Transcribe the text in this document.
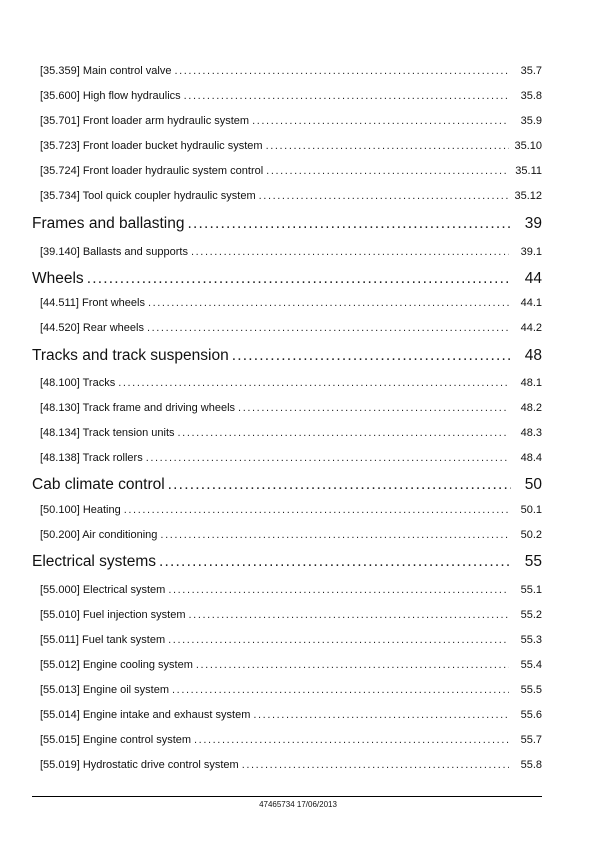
[35.359] Main control valve .....	35.7
[35.600] High flow hydraulics .....	35.8
[35.701] Front loader arm hydraulic system .....	35.9
[35.723] Front loader bucket hydraulic system .....	35.10
[35.724] Front loader hydraulic system control .....	35.11
[35.734] Tool quick coupler hydraulic system .....	35.12
Frames and ballasting .....	39
[39.140] Ballasts and supports .....	39.1
Wheels .....	44
[44.511] Front wheels .....	44.1
[44.520] Rear wheels .....	44.2
Tracks and track suspension .....	48
[48.100] Tracks .....	48.1
[48.130] Track frame and driving wheels .....	48.2
[48.134] Track tension units .....	48.3
[48.138] Track rollers .....	48.4
Cab climate control .....	50
[50.100] Heating .....	50.1
[50.200] Air conditioning .....	50.2
Electrical systems .....	55
[55.000] Electrical system .....	55.1
[55.010] Fuel injection system .....	55.2
[55.011] Fuel tank system .....	55.3
[55.012] Engine cooling system .....	55.4
[55.013] Engine oil system .....	55.5
[55.014] Engine intake and exhaust system .....	55.6
[55.015] Engine control system .....	55.7
[55.019] Hydrostatic drive control system .....	55.8
47465734 17/06/2013
